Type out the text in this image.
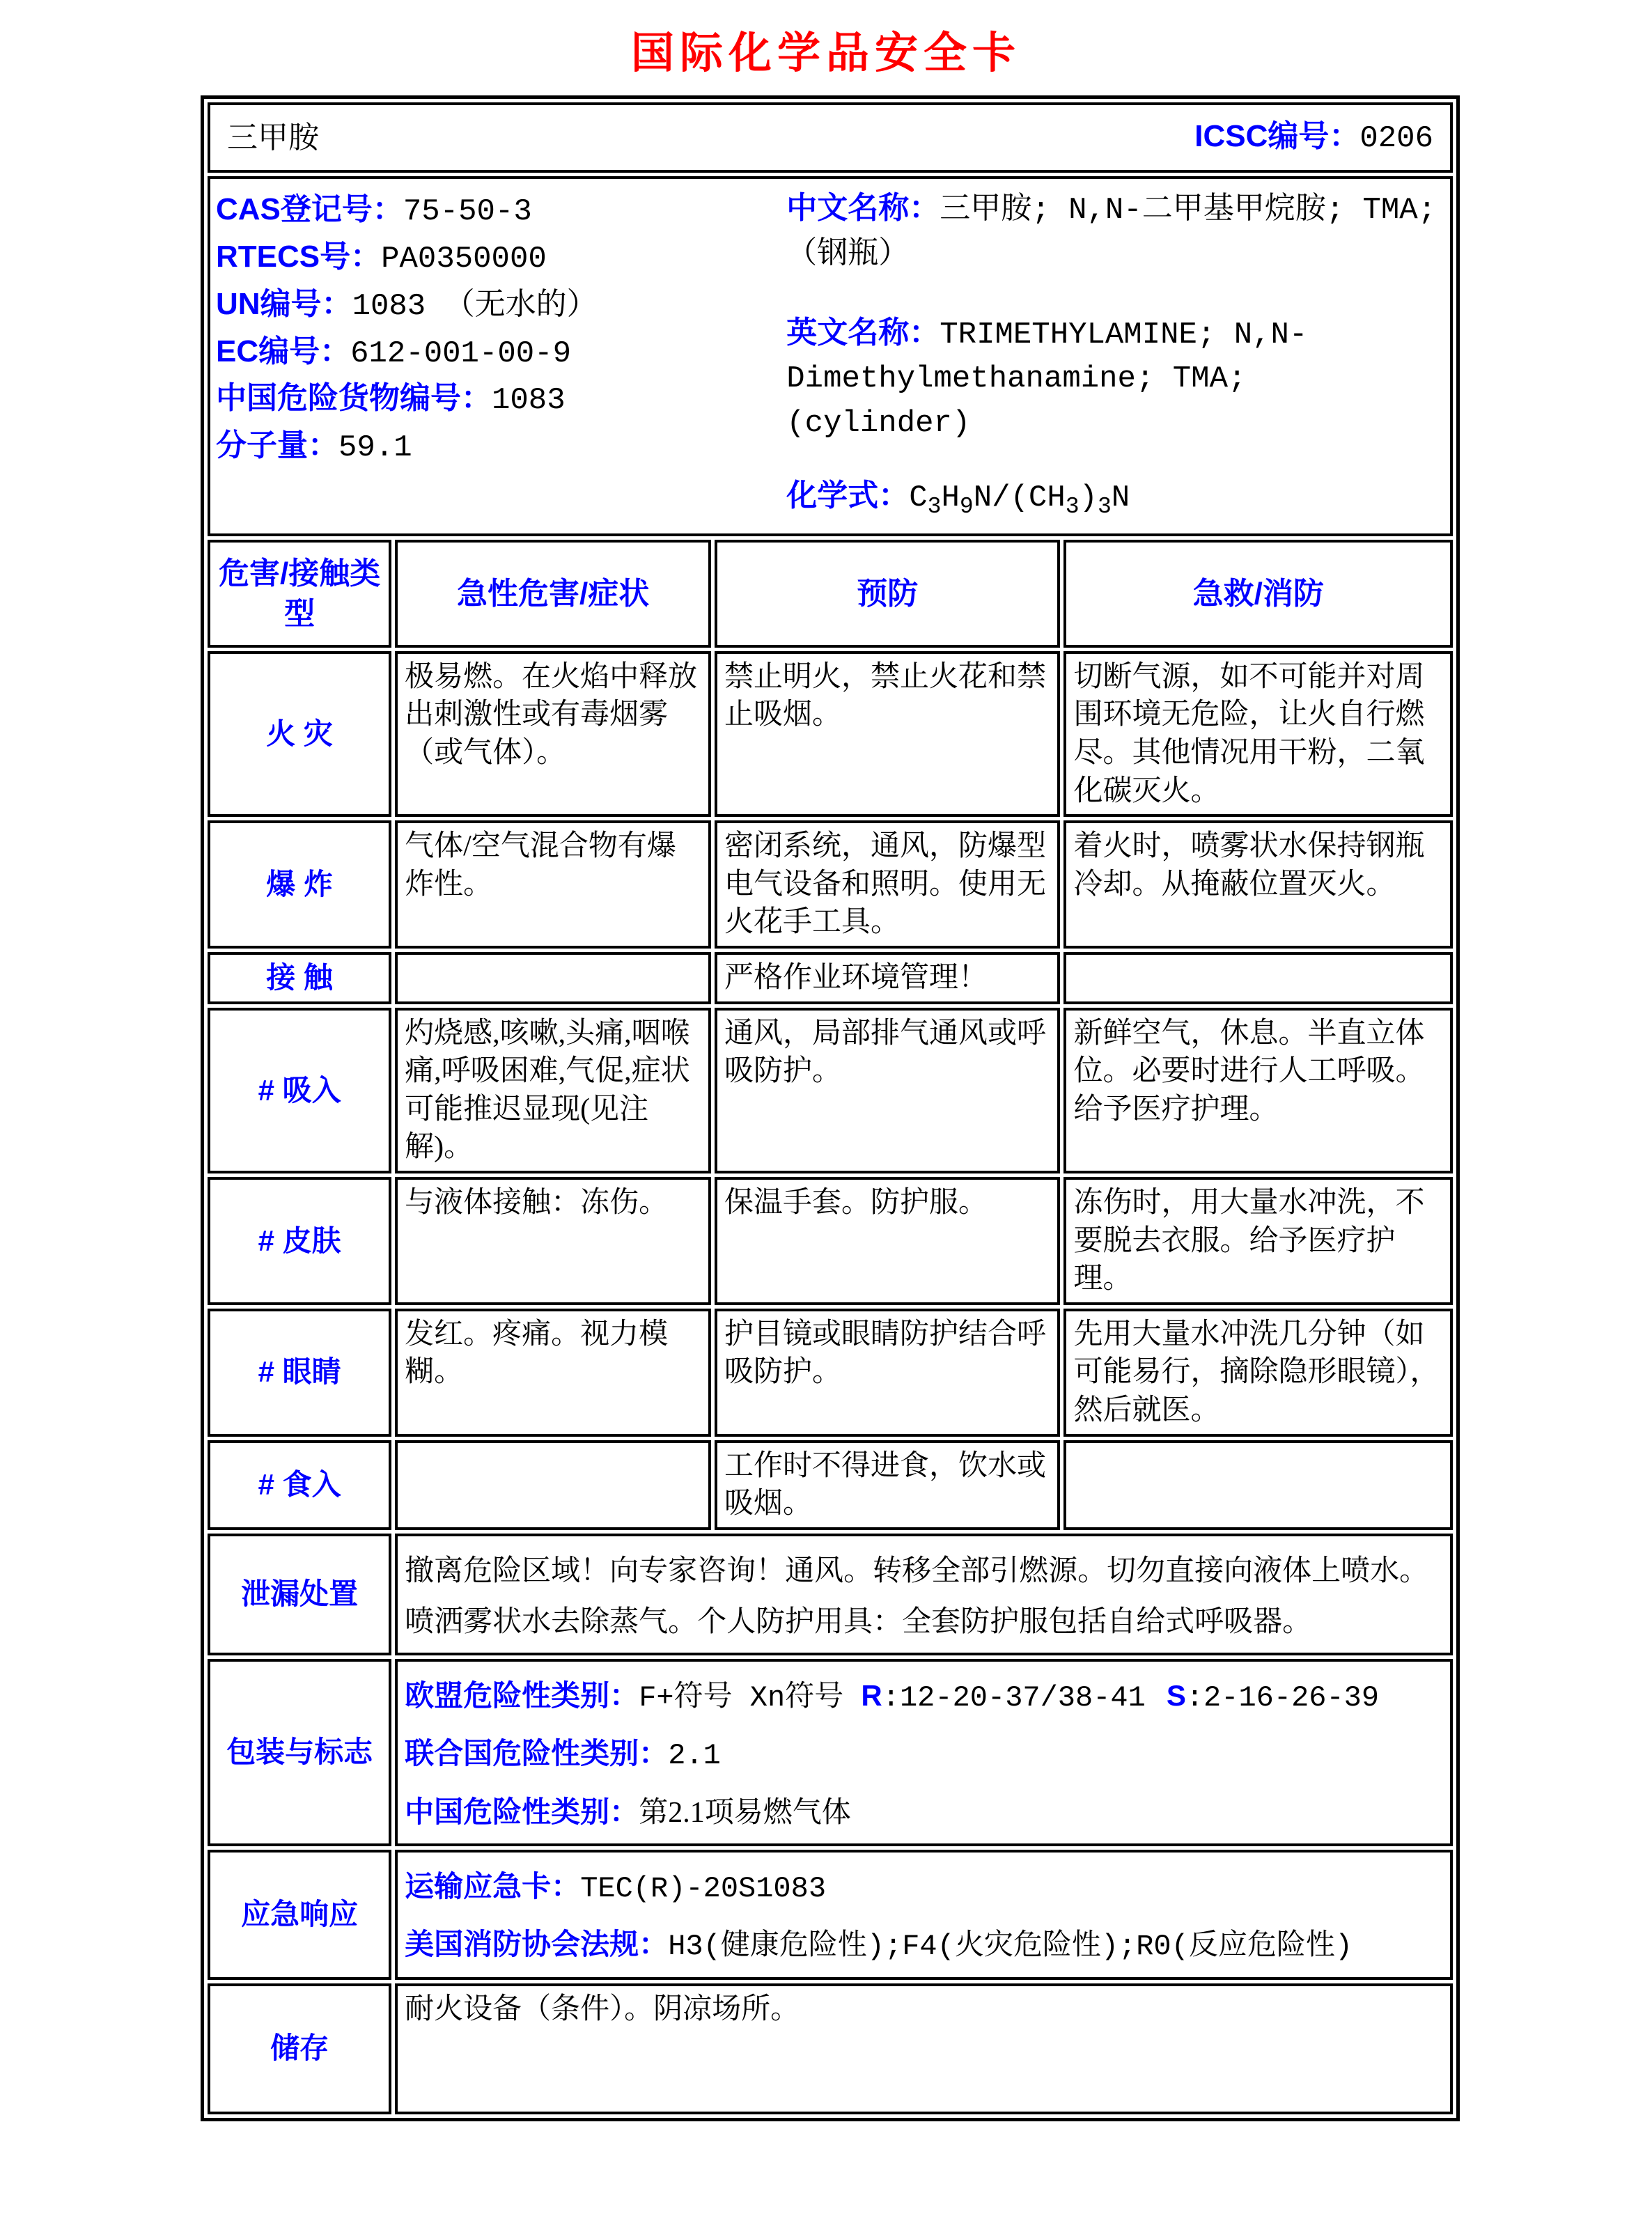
国际化学品安全卡
三甲胺 ICSC编号：0206			

CAS登记号：75-50-3
RTECS号：PA0350000
UN编号：1083 （无水的）
EC编号：612-001-00-9
中国危险货物编号：1083
分子量：59.1
中文名称：三甲胺; N,N-二甲基甲烷胺; TMA; （钢瓶）
英文名称：TRIMETHYLAMINE; N,N-Dimethylmethanamine; TMA; (cylinder)
化学式：$C_3H_9N/(CH_3)_3N$

危害/接触类型	急性危害/症状	预防	急救/消防
火 灾	极易燃。在火焰中释放出刺激性或有毒烟雾（或气体）。	禁止明火，禁止火花和禁止吸烟。	切断气源，如不可能并对周围环境无危险，让火自行燃尽。其他情况用干粉，二氧化碳灭火。
爆 炸	气体/空气混合物有爆炸性。	密闭系统，通风，防爆型电气设备和照明。使用无火花手工具。	着火时，喷雾状水保持钢瓶冷却。从掩蔽位置灭火。
接 触		严格作业环境管理！	
# 吸入	灼烧感,咳嗽,头痛,咽喉痛,呼吸困难,气促,症状可能推迟显现(见注解)。	通风，局部排气通风或呼吸防护。	新鲜空气，休息。半直立体位。必要时进行人工呼吸。给予医疗护理。
# 皮肤	与液体接触：冻伤。	保温手套。防护服。	冻伤时，用大量水冲洗，不要脱去衣服。给予医疗护理。
# 眼睛	发红。疼痛。视力模糊。	护目镜或眼睛防护结合呼吸防护。	先用大量水冲洗几分钟（如可能易行，摘除隐形眼镜），然后就医。
# 食入		工作时不得进食，饮水或吸烟。	
泄漏处置	撤离危险区域！向专家咨询！通风。转移全部引燃源。切勿直接向液体上喷水。喷洒雾状水去除蒸气。个人防护用具：全套防护服包括自给式呼吸器。		
包装与标志	欧盟危险性类别：F+符号 Xn符号 R:12-20-37/38-41 S:2-16-26-39
联合国危险性类别：2.1
中国危险性类别：第2.1项易燃气体		

应急响应	运输应急卡：TEC(R)-20S1083
美国消防协会法规：H3(健康危险性);F4(火灾危险性);R0(反应危险性)		

储存	耐火设备（条件）。阴凉场所。		
